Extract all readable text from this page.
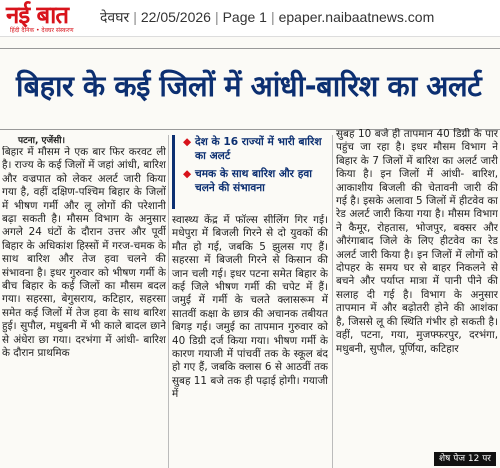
नई बात
हिंदी दैनिक • देवघर संस्करण
देवघर | 22/05/2026 | Page 1 | epaper.naibaatnews.com
बिहार के कई जिलों में आंधी-बारिश का अलर्ट
पटना, एजेंसी।

बिहार में मौसम ने एक बार फिर करवट ली है। राज्य के कई जिलों में जहां आंधी, बारिश और वज्रपात को लेकर अलर्ट जारी किया गया है, वहीं दक्षिण-पश्चिम बिहार के जिलों में भीषण गर्मी और लू लोगों की परेशानी बढ़ा सकती है। मौसम विभाग के अनुसार अगले 24 घंटों के दौरान उत्तर और पूर्वी बिहार के अधिकांश हिस्सों में गरज-चमक के साथ बारिश और तेज हवा चलने की संभावना है। इधर गुरुवार को भीषण गर्मी के बीच बिहार के कई जिलों का मौसम बदल गया। सहरसा, बेगुसराय, कटिहार, सहरसा समेत कई जिलों में तेज हवा के साथ बारिश हुई। सुपौल, मधुबनी में भी काले बादल छाने से अंधेरा छा गया। दरभंगा में आंधी- बारिश के दौरान प्राथमिक

◆ देश के 16 राज्यों में भारी बारिश का अलर्ट
◆ चमक के साथ बारिश और हवा चलने की संभावना

स्वास्थ्य केंद्र में फॉल्स सीलिंग गिर गई। मधेपुरा में बिजली गिरने से दो युवकों की मौत हो गई, जबकि 5 झुलस गए हैं। सहरसा में बिजली गिरने से किसान की जान चली गई। इधर पटना समेत बिहार के कई जिले भीषण गर्मी की चपेट में हैं। जमुई में गर्मी के चलते क्लासरूम में सातवीं कक्षा के छात्र की अचानक तबीयत बिगड़ गई। जमुई का तापमान गुरुवार को 40 डिग्री दर्ज किया गया। भीषण गर्मी के कारण गयाजी में पांचवीं तक के स्कूल बंद हो गए हैं, जबकि क्लास 6 से आठवीं तक सुबह 11 बजे तक ही पढ़ाई होगी। गयाजी में

सुबह 10 बजे ही तापमान 40 डिग्री के पार पहुंच जा रहा है। इधर मौसम विभाग ने बिहार के 7 जिलों में बारिश का अलर्ट जारी किया है। इन जिलों में आंधी- बारिश, आकाशीय बिजली की चेतावनी जारी की गई है। इसके अलावा 5 जिलों में हीटवेव का रेड अलर्ट जारी किया गया है। मौसम विभाग ने कैमूर, रोहतास, भोजपुर, बक्सर और औरंगाबाद जिले के लिए हीटवेव का रेड अलर्ट जारी किया है। इन जिलों में लोगों को दोपहर के समय घर से बाहर निकलने से बचने और पर्याप्त मात्रा में पानी पीने की सलाह दी गई है। विभाग के अनुसार तापमान में और बढ़ोतरी होने की आशंका है, जिससे लू की स्थिति गंभीर हो सकती है। वहीं, पटना, गया, मुजफ्फरपुर, दरभंगा, मधुबनी, सुपौल, पूर्णिया, कटिहार

शेष पेज 12 पर
